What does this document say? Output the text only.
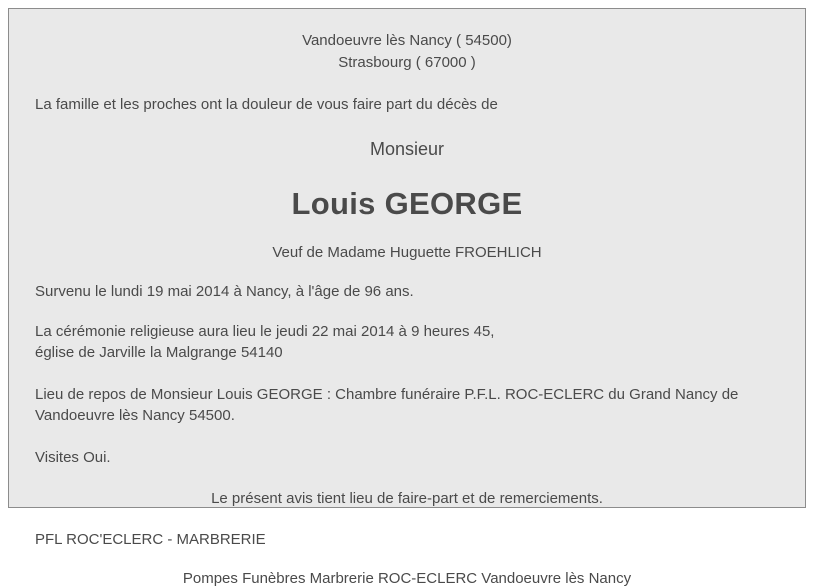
Vandoeuvre lès Nancy ( 54500)
Strasbourg ( 67000 )
La famille et les proches ont la douleur de vous faire part du décès de
Monsieur
Louis GEORGE
Veuf de Madame Huguette FROEHLICH
Survenu le lundi 19 mai 2014 à Nancy, à l'âge de 96 ans.
La cérémonie religieuse aura lieu le jeudi 22 mai 2014 à 9 heures 45,
église de Jarville la Malgrange 54140
Lieu de repos de Monsieur Louis GEORGE : Chambre funéraire P.F.L. ROC-ECLERC du Grand Nancy de
Vandoeuvre lès Nancy 54500.
Visites Oui.
Le présent avis tient lieu de faire-part et de remerciements.
PFL ROC'ECLERC - MARBRERIE
Pompes Funèbres Marbrerie ROC-ECLERC Vandoeuvre lès Nancy
